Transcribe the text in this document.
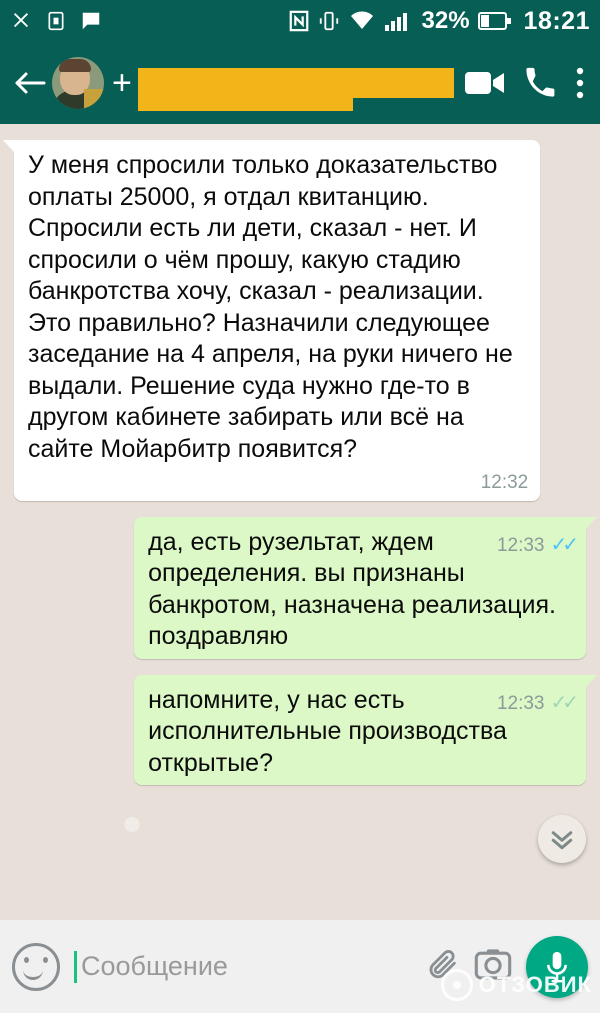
32% 18:21
+
У меня спросили только доказательство оплаты 25000, я отдал квитанцию. Спросили есть ли дети, сказал - нет. И спросили о чём прошу, какую стадию банкротства хочу, сказал - реализации. Это правильно? Назначили следующее заседание на 4 апреля, на руки ничего не выдали. Решение суда нужно где-то в другом кабинете забирать или всё на сайте Мойарбитр появится?
12:32
12:33 ✓✓
да, есть рузельтат, ждем определения. вы признаны банкротом, назначена реализация. поздравляю
12:33 ✓✓
напомните, у нас есть исполнительные производства открытые?
Сообщение
ОТЗОВИК
